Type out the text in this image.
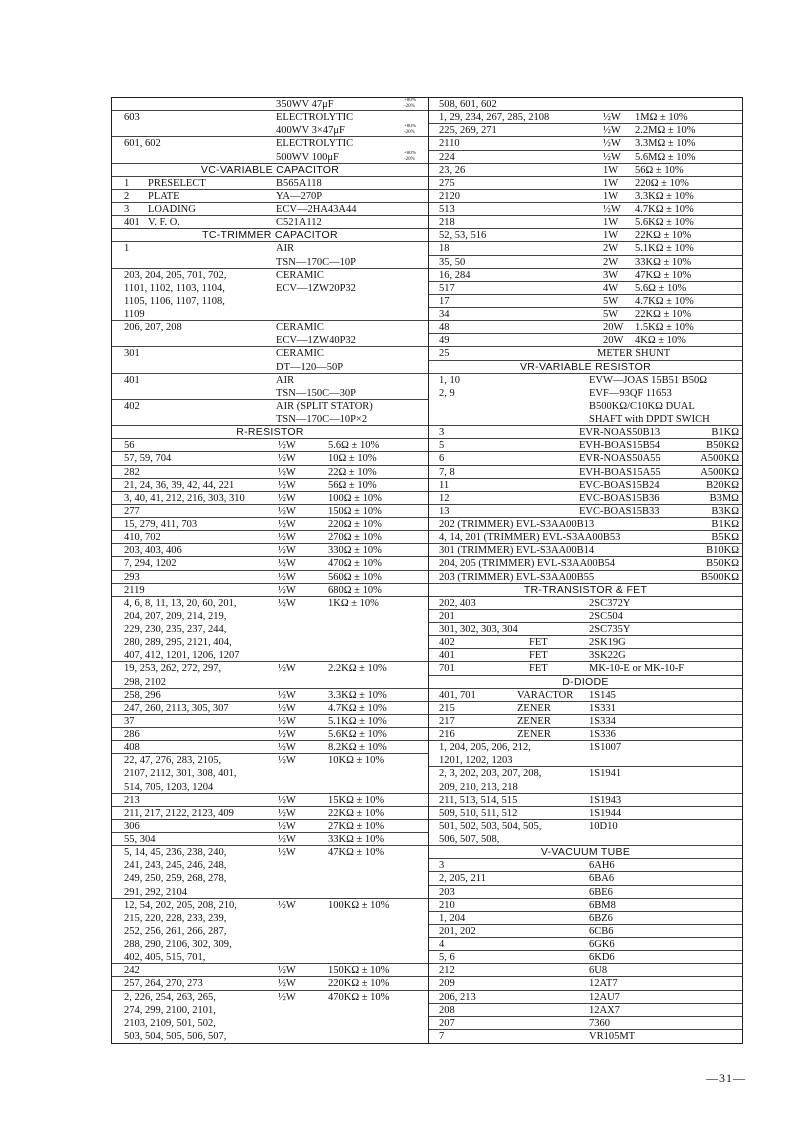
350WV 47μF	+80% -20%
603	ELECTROLYTIC
400WV 3×47μF	+80% -20%
601, 602	ELECTROLYTIC
500WV 100μF	+80% -20%
VC-VARIABLE CAPACITOR
1	PRESELECT	B565A118
2	PLATE	YA—270P
3	LOADING	ECV—2HA43A44
401 V. F. O.	C521A112
TC-TRIMMER CAPACITOR
1	AIR
TSN—170C—10P
203, 204, 205, 701, 702,	CERAMIC
1101, 1102, 1103, 1104,	ECV—1ZW20P32
1105, 1106, 1107, 1108,
1109
206, 207, 208	CERAMIC
ECV—1ZW40P32
301	CERAMIC
DT—120—50P
401	AIR
TSN—150C—30P
402	AIR (SPLIT STATOR)
TSN—170C—10P×2
R-RESISTOR
56	½W	5.6Ω ± 10%
57, 59, 704	½W	10Ω ± 10%
282	½W	22Ω ± 10%
21, 24, 36, 39, 42, 44, 221	½W	56Ω ± 10%
3, 40, 41, 212, 216, 303, 310	½W	100Ω ± 10%
277	½W	150Ω ± 10%
15, 279, 411, 703	½W	220Ω ± 10%
410, 702	½W	270Ω ± 10%
203, 403, 406	½W	330Ω ± 10%
7, 294, 1202	½W	470Ω ± 10%
293	½W	560Ω ± 10%
2119	½W	680Ω ± 10%
4, 6, 8, 11, 13, 20, 60, 201,	½W	1KΩ ± 10%
204, 207, 209, 214, 219,
229, 230, 235, 237, 244,
280, 289, 295, 2121, 404,
407, 412, 1201, 1206, 1207
19, 253, 262, 272, 297,	½W	2.2KΩ ± 10%
298, 2102
258, 296	½W	3.3KΩ ± 10%
247, 260, 2113, 305, 307	½W	4.7KΩ ± 10%
37	½W	5.1KΩ ± 10%
286	½W	5.6KΩ ± 10%
408	½W	8.2KΩ ± 10%
22, 47, 276, 283, 2105,	½W	10KΩ ± 10%
2107, 2112, 301, 308, 401,
514, 705, 1203, 1204
213	½W	15KΩ ± 10%
211, 217, 2122, 2123, 409	½W	22KΩ ± 10%
306	½W	27KΩ ± 10%
55, 304	½W	33KΩ ± 10%
5, 14, 45, 236, 238, 240,	½W	47KΩ ± 10%
241, 243, 245, 246, 248,
249, 250, 259, 268, 278,
291, 292, 2104
12, 54, 202, 205, 208, 210,	½W	100KΩ ± 10%
215, 220, 228, 233, 239,
252, 256, 261, 266, 287,
288, 290, 2106, 302, 309,
402, 405, 515, 701,
242	½W	150KΩ ± 10%
257, 264, 270, 273	½W	220KΩ ± 10%
2, 226, 254, 263, 265,	½W	470KΩ ± 10%
274, 299, 2100, 2101,
2103, 2109, 501, 502,
503, 504, 505, 506, 507,
508, 601, 602
1, 29, 234, 267, 285, 2108	½W	1MΩ ± 10%
225, 269, 271	½W	2.2MΩ ± 10%
2110	½W	3.3MΩ ± 10%
224	½W	5.6MΩ ± 10%
23, 26	1W	56Ω ± 10%
275	1W	220Ω ± 10%
2120	1W	3.3KΩ ± 10%
513	½W	4.7KΩ ± 10%
218	1W	5.6KΩ ± 10%
52, 53, 516	1W	22KΩ ± 10%
18	2W	5.1KΩ ± 10%
35, 50	2W	33KΩ ± 10%
16, 284	3W	47KΩ ± 10%
517	4W	5.6Ω ± 10%
17	5W	4.7KΩ ± 10%
34	5W	22KΩ ± 10%
48	20W	1.5KΩ ± 10%
49	20W	4KΩ ± 10%
25	METER SHUNT
VR-VARIABLE RESISTOR
1, 10	EVW—JOAS 15B51 B50Ω
2, 9	EVF—93QF 11653
B500KΩ/C10KΩ DUAL
SHAFT with DPDT SWICH
3	EVR-NOAS50B13	B1KΩ
5	EVH-BOAS15B54	B50KΩ
6	EVR-NOAS50A55	A500KΩ
7, 8	EVH-BOAS15A55	A500KΩ
11	EVC-BOAS15B24	B20KΩ
12	EVC-BOAS15B36	B3MΩ
13	EVC-BOAS15B33	B3KΩ
202 (TRIMMER) EVL-S3AA00B13	B1KΩ
4, 14, 201 (TRIMMER) EVL-S3AA00B53	B5KΩ
301 (TRIMMER) EVL-S3AA00B14	B10KΩ
204, 205 (TRIMMER) EVL-S3AA00B54	B50KΩ
203 (TRIMMER) EVL-S3AA00B55	B500KΩ
TR-TRANSISTOR & FET
202, 403	2SC372Y
201	2SC504
301, 302, 303, 304	2SC735Y
402	FET	2SK19G
401	FET	3SK22G
701	FET	MK-10-E or MK-10-F
D-DIODE
401, 701	VARACTOR	1S145
215	ZENER	1S331
217	ZENER	1S334
216	ZENER	1S336
1, 204, 205, 206, 212,	1S1007
1201, 1202, 1203
2, 3, 202, 203, 207, 208,	1S1941
209, 210, 213, 218
211, 513, 514, 515	1S1943
509, 510, 511, 512	1S1944
501, 502, 503, 504, 505,	10D10
506, 507, 508,
V-VACUUM TUBE
3	6AH6
2, 205, 211	6BA6
203	6BE6
210	6BM8
1, 204	6BZ6
201, 202	6CB6
4	6GK6
5, 6	6KD6
212	6U8
209	12AT7
206, 213	12AU7
208	12AX7
207	7360
7	VR105MT
—31—
